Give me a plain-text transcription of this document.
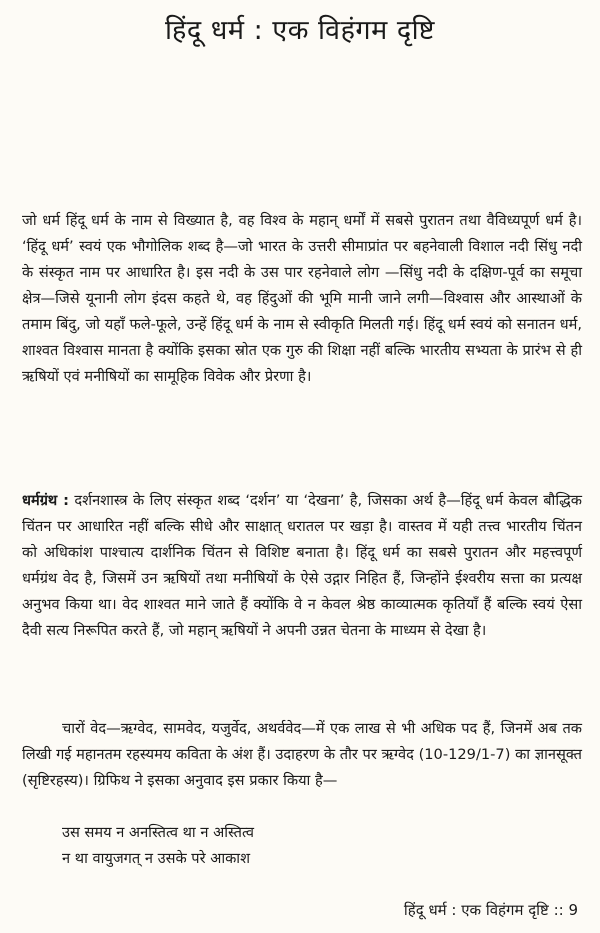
हिंदू धर्म : एक विहंगम दृष्टि

जो धर्म हिंदू धर्म के नाम से विख्यात है, वह विश्व के महान् धर्मों में सबसे पुरातन तथा वैविध्यपूर्ण धर्म है। ‘हिंदू धर्म’ स्वयं एक भौगोलिक शब्द है—जो भारत के उत्तरी सीमाप्रांत पर बहनेवाली विशाल नदी सिंधु नदी के संस्कृत नाम पर आधारित है। इस नदी के उस पार रहनेवाले लोग —सिंधु नदी के दक्षिण-पूर्व का समूचा क्षेत्र—जिसे यूनानी लोग इंदस कहते थे, वह हिंदुओं की भूमि मानी जाने लगी—विश्वास और आस्थाओं के तमाम बिंदु, जो यहाँ फले-फूले, उन्हें हिंदू धर्म के नाम से स्वीकृति मिलती गई। हिंदू धर्म स्वयं को सनातन धर्म, शाश्वत विश्वास मानता है क्योंकि इसका स्रोत एक गुरु की शिक्षा नहीं बल्कि भारतीय सभ्यता के प्रारंभ से ही ऋषियों एवं मनीषियों का सामूहिक विवेक और प्रेरणा है।

धर्मग्रंथ : दर्शनशास्त्र के लिए संस्कृत शब्द ‘दर्शन’ या ‘देखना’ है, जिसका अर्थ है—हिंदू धर्म केवल बौद्धिक चिंतन पर आधारित नहीं बल्कि सीधे और साक्षात् धरातल पर खड़ा है। वास्तव में यही तत्त्व भारतीय चिंतन को अधिकांश पाश्चात्य दार्शनिक चिंतन से विशिष्ट बनाता है। हिंदू धर्म का सबसे पुरातन और महत्त्वपूर्ण धर्मग्रंथ वेद है, जिसमें उन ऋषियों तथा मनीषियों के ऐसे उद्गार निहित हैं, जिन्होंने ईश्वरीय सत्ता का प्रत्यक्ष अनुभव किया था। वेद शाश्वत माने जाते हैं क्योंकि वे न केवल श्रेष्ठ काव्यात्मक कृतियाँ हैं बल्कि स्वयं ऐसा दैवी सत्य निरूपित करते हैं, जो महान् ऋषियों ने अपनी उन्नत चेतना के माध्यम से देखा है।

चारों वेद—ऋग्वेद, सामवेद, यजुर्वेद, अथर्ववेद—में एक लाख से भी अधिक पद हैं, जिनमें अब तक लिखी गई महानतम रहस्यमय कविता के अंश हैं। उदाहरण के तौर पर ऋग्वेद (10-129/1-7) का ज्ञानसूक्त (सृष्टिरहस्य)। ग्रिफिथ ने इसका अनुवाद इस प्रकार किया है—

उस समय न अनस्तित्व था न अस्तित्व
न था वायुजगत् न उसके परे आकाश
हिंदू धर्म : एक विहंगम दृष्टि :: 9
